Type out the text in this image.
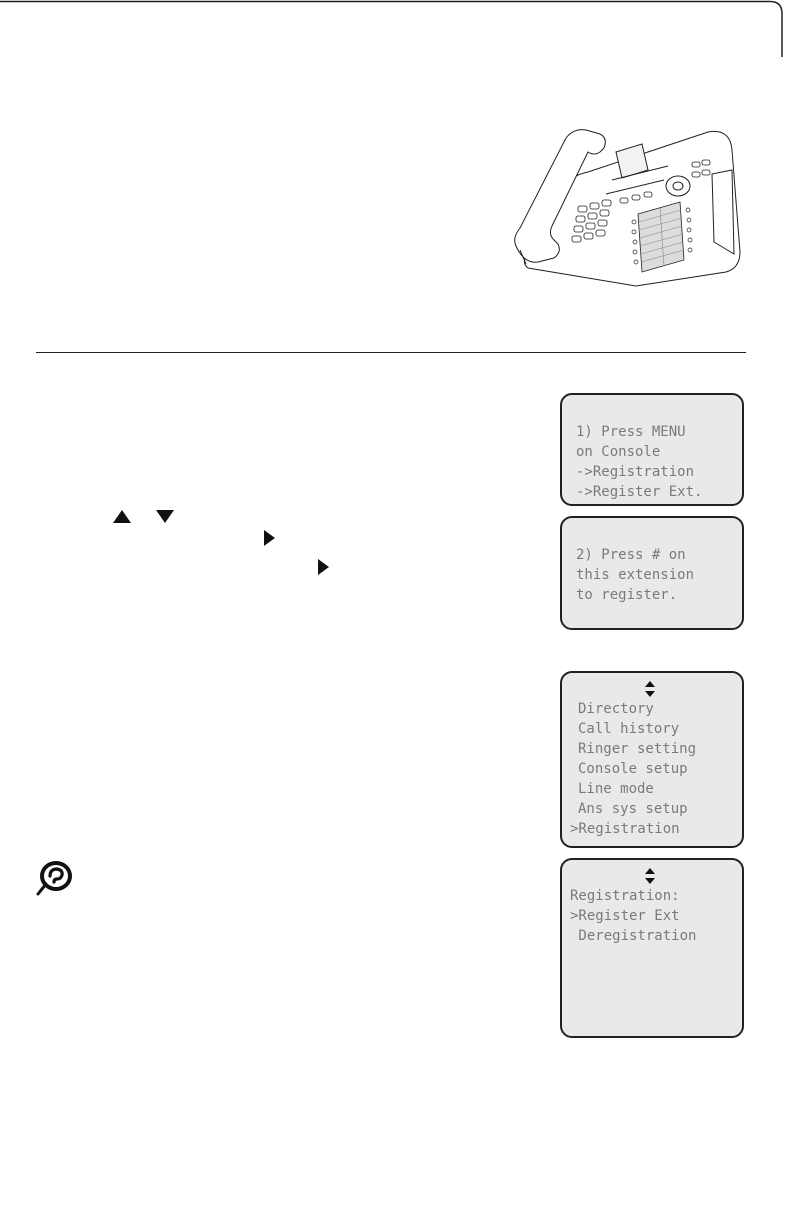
1) Press MENU
on Console
->Registration
->Register Ext.
2) Press # on
this extension
to register.
Directory
Call history
Ringer setting
Console setup
Line mode
Ans sys setup
>Registration
Registration:
>Register Ext
Deregistration
